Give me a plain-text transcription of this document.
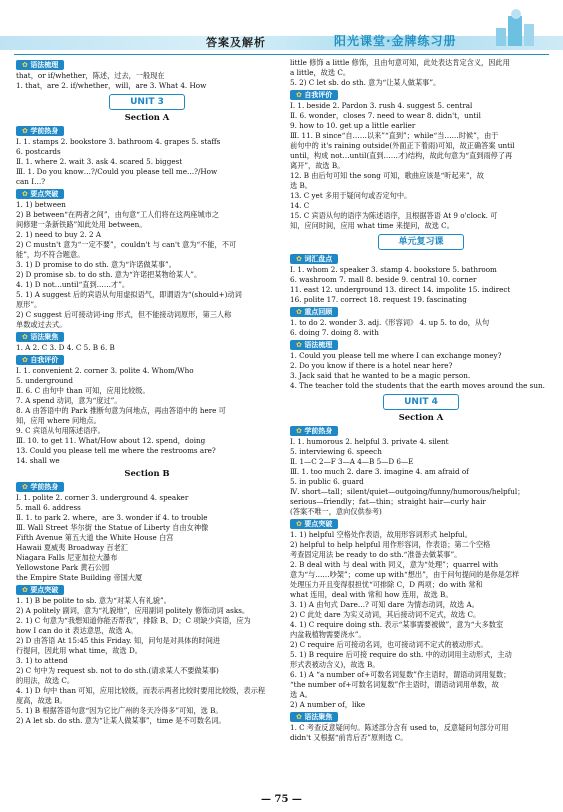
答案及解析	阳光课堂·金牌练习册
✿ 语法梳理
that，or if/whether，陈述，过去，一般现在
1. that，are 2. if/whether，will，are 3. What 4. How
UNIT 3
Section A
✿ 学前热身
Ⅰ. 1. stamps 2. bookstore 3. bathroom 4. grapes 5. staffs
6. postcards
Ⅱ. 1. where 2. wait 3. ask 4. scared 5. biggest
Ⅲ. 1. Do you know…?/Could you please tell me…?/How
can I…?
✿ 要点突破
1. 1) between
2) B between“在两者之间”，由句意“工人们将在这两座城市之
间修建一条新铁路”知此处用 between。
2. 1) need to buy 2. 2 A
2) C mustn't 意为“一定不要”，couldn't 与 can't 意为“不能，不可
能”，均不符合题意。
3. 1) D promise to do sth. 意为“许诺做某事”。
2) D promise sb. to do sth. 意为“许诺把某物给某人”。
4. 1) D not…until“直到……才”。
5. 1) A suggest 后的宾语从句用虚拟语气，即谓语为“(should+)动词
原形”。
2) C suggest 后可接动词-ing 形式，但不能接动词原形，第三人称
单数或过去式。
✿ 语法聚焦
1. A 2. C 3. D 4. C 5. B 6. B
✿ 自我评价
Ⅰ. 1. convenient 2. corner 3. polite 4. Whom/Who
5. underground
Ⅱ. 6. C 由句中 than 可知，应用比较级。
7. A spend 动词，意为“度过”。
8. A 由答语中的 Park 推断句意为问地点，再由答语中的 here 可
知，应用 where 问地点。
9. C 宾语从句用陈述语序。
Ⅲ. 10. to get 11. What/How about 12. spend，doing
13. Could you please tell me where the restrooms are?
14. shall we
Section B
✿ 学前热身
Ⅰ. 1. polite 2. corner 3. underground 4. speaker
5. mall 6. address
Ⅱ. 1. to park 2. where，are 3. wonder if 4. to trouble
Ⅲ. Wall Street 华尔街 the Statue of Liberty 自由女神像
Fifth Avenue 第五大道 the White House 白宫
Hawaii 夏威夷 Broadway 百老汇
Niagara Falls 尼亚加拉大瀑布
Yellowstone Park 黄石公园
the Empire State Building 帝国大厦
✿ 要点突破
1. 1) B be polite to sb. 意为“对某人有礼貌”。
2) A politely 副词，意为“礼貌地”，应用副词 politely 修饰动词 asks。
2. 1) C 句意为“我想知道你能否帮我”，排除 B、D；C 项缺少宾语，应为
how I can do it 表达意思，故选 A。
2) D 由答语 At 15:45 this Friday. 知，问句是对具体的时间进
行提问，因此用 what time，故选 D。
3. 1) to attend
2) C 句中为 request sb. not to do sth.(请求某人不要做某事)
的用法，故选 C。
4. 1) D 句中 than 可知，应用比较级，而表示两者比较时要用比较级，表示程
度高，故选 B。
5. 1) B 根据答语句意“因为它比广州的冬天冷得多”可知，选 B。
2) A let sb. do sth. 意为“让某人做某事”，time 是不可数名词。
little 修饰 a little 修饰，且由句意可知，此处表达肯定含义，因此用
a little，故选 C。
5. 2) C let sb. do sth. 意为“让某人做某事”。
✿ 自我评价
Ⅰ. 1. beside 2. Pardon 3. rush 4. suggest 5. central
Ⅱ. 6. wonder，closes 7. need to wear 8. didn't，until
9. how to 10. get up a little earlier
Ⅲ. 11. B since“自……以来”“直到”；while“当……时候”，由于
前句中的 it's raining outside(外面正下着雨)可知，故正确答案 until
until，构成 not…until(直到……才)结构，故此句意为“直到雨停了再
离开”，故选 B。
12. B 由后句可知 the song 可知，歌曲应该是“听起来”，故
选 B。
13. C yet 多用于疑问句或否定句中。
14. C
15. C 宾语从句的语序为陈述语序，且根据答语 At 9 o'clock. 可
知，应问时间，应用 what time 来提问，故选 C。
单元复习课
✿ 词汇盘点
Ⅰ. 1. whom 2. speaker 3. stamp 4. bookstore 5. bathroom
6. washroom 7. mall 8. beside 9. central 10. corner
11. east 12. underground 13. direct 14. impolite 15. indirect
16. polite 17. correct 18. request 19. fascinating
✿ 重点回顾
1. to do 2. wonder 3. adj.《形容词》 4. up 5. to do，从句
6. doing 7. doing 8. with
✿ 语法梳理
1. Could you please tell me where I can exchange money?
2. Do you know if there is a hotel near here?
3. Jack said that he wanted to be a magic person.
4. The teacher told the students that the earth moves around the sun.
UNIT 4
Section A
✿ 学前热身
Ⅰ. 1. humorous 2. helpful 3. private 4. silent
5. interviewing 6. speech
Ⅱ. 1—C 2—F 3—A 4—B 5—D 6—E
Ⅲ. 1. too much 2. dare 3. imagine 4. am afraid of
5. in public 6. guard
Ⅳ. short—tall；silent/quiet—outgoing/funny/humorous/helpful；
serious—friendly；fat—thin；straight hair—curly hair
(答案不唯一，意向仅供参考)
✿ 要点突破
1. 1) helpful 空格处作表语，故用形容词形式 helpful。
2) helpful to help helpful 用作形容词，作表语；第二个空格
考查固定用法 be ready to do sth.“准备去做某事”。
2. B deal with 与 deal with 同义，意为“处理”；quarrel with
意为“与……吵架”；come up with“想出”，由于问句提问的是你是怎样
处理压力开且变得很担忧“可排除 C，D 两项；do with 常和
what 连用，deal with 常和 how 连用，故选 B。
3. 1) A 由句式 Dare…? 可知 dare 为情态动词，故选 A。
2) C 此处 dare 为实义动词，其后接动词不定式，故选 C。
4. 1) C require doing sth. 表示“某事需要被做”，意为“大多数室
内盆栽植物需要浇水”。
2) C require 后可接动名词，也可接动词不定式的被动形式。
5. 1) B require 后可接 require do sth. 中的动词用主动形式，主动
形式表被动含义)，故选 B。
6. 1) A “a number of+可数名词复数”作主语时，谓语动词用复数；
“the number of+可数名词复数”作主语时，谓语动词用单数，故
选 A。
2) A number of，like
✿ 语法聚焦
1. C 考查反意疑问句。陈述部分含有 used to，反意疑问句部分可用
didn't 又根据“前肯后否”原则选 C。
— 75 —
